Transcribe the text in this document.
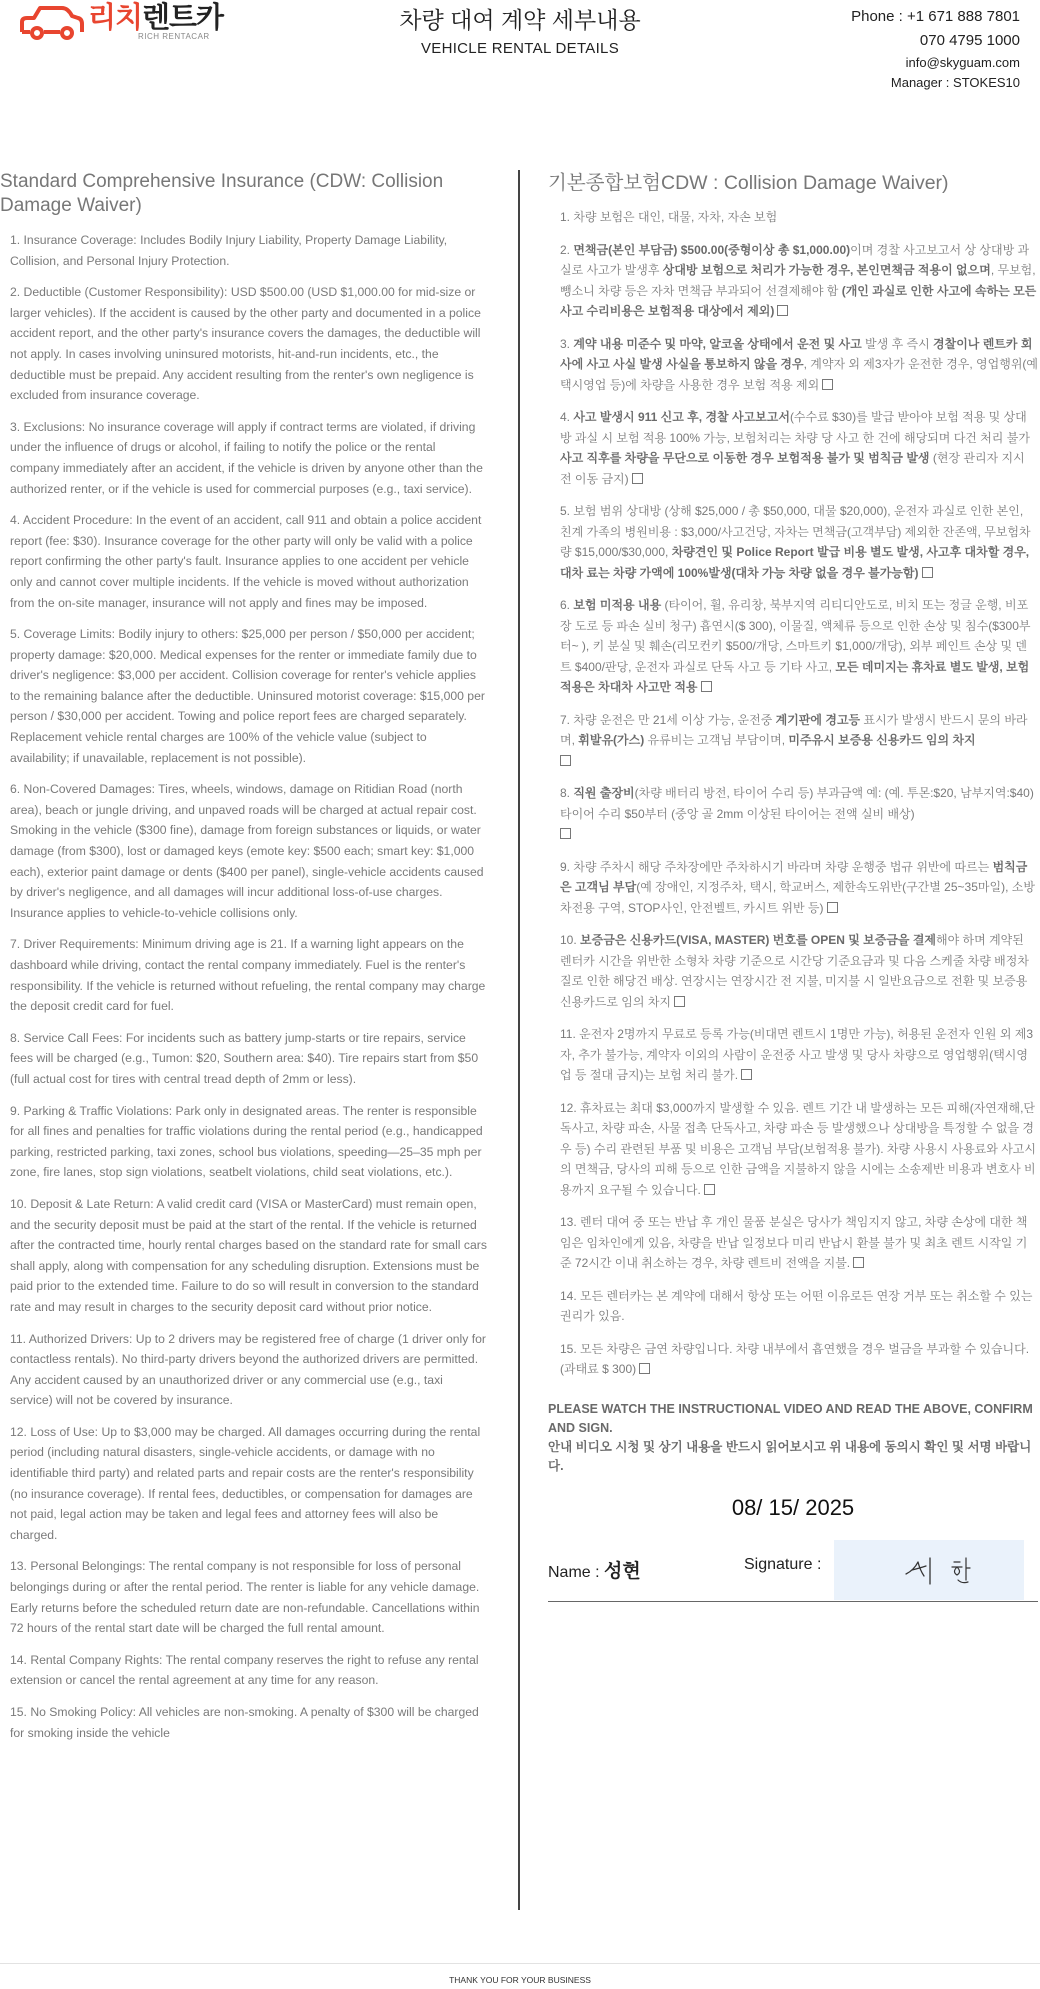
리치렌트카
RICH RENTACAR
차량 대여 계약 세부내용
VEHICLE RENTAL DETAILS
Phone : +1 671 888 7801
070 4795 1000
info@skyguam.com
Manager : STOKES10
Standard Comprehensive Insurance (CDW: Collision Damage Waiver)
1. Insurance Coverage: Includes Bodily Injury Liability, Property Damage Liability, Collision, and Personal Injury Protection.
2. Deductible (Customer Responsibility): USD $500.00 (USD $1,000.00 for mid-size or larger vehicles). If the accident is caused by the other party and documented in a police accident report, and the other party's insurance covers the damages, the deductible will not apply. In cases involving uninsured motorists, hit-and-run incidents, etc., the deductible must be prepaid. Any accident resulting from the renter's own negligence is excluded from insurance coverage.
3. Exclusions: No insurance coverage will apply if contract terms are violated, if driving under the influence of drugs or alcohol, if failing to notify the police or the rental company immediately after an accident, if the vehicle is driven by anyone other than the authorized renter, or if the vehicle is used for commercial purposes (e.g., taxi service).
4. Accident Procedure: In the event of an accident, call 911 and obtain a police accident report (fee: $30). Insurance coverage for the other party will only be valid with a police report confirming the other party's fault. Insurance applies to one accident per vehicle only and cannot cover multiple incidents. If the vehicle is moved without authorization from the on-site manager, insurance will not apply and fines may be imposed.
5. Coverage Limits: Bodily injury to others: $25,000 per person / $50,000 per accident; property damage: $20,000. Medical expenses for the renter or immediate family due to driver's negligence: $3,000 per accident. Collision coverage for renter's vehicle applies to the remaining balance after the deductible. Uninsured motorist coverage: $15,000 per person / $30,000 per accident. Towing and police report fees are charged separately. Replacement vehicle rental charges are 100% of the vehicle value (subject to availability; if unavailable, replacement is not possible).
6. Non-Covered Damages: Tires, wheels, windows, damage on Ritidian Road (north area), beach or jungle driving, and unpaved roads will be charged at actual repair cost. Smoking in the vehicle ($300 fine), damage from foreign substances or liquids, or water damage (from $300), lost or damaged keys (emote key: $500 each; smart key: $1,000 each), exterior paint damage or dents ($400 per panel), single-vehicle accidents caused by driver's negligence, and all damages will incur additional loss-of-use charges. Insurance applies to vehicle-to-vehicle collisions only.
7. Driver Requirements: Minimum driving age is 21. If a warning light appears on the dashboard while driving, contact the rental company immediately. Fuel is the renter's responsibility. If the vehicle is returned without refueling, the rental company may charge the deposit credit card for fuel.
8. Service Call Fees: For incidents such as battery jump-starts or tire repairs, service fees will be charged (e.g., Tumon: $20, Southern area: $40). Tire repairs start from $50 (full actual cost for tires with central tread depth of 2mm or less).
9. Parking & Traffic Violations: Park only in designated areas. The renter is responsible for all fines and penalties for traffic violations during the rental period (e.g., handicapped parking, restricted parking, taxi zones, school bus violations, speeding—25–35 mph per zone, fire lanes, stop sign violations, seatbelt violations, child seat violations, etc.).
10. Deposit & Late Return: A valid credit card (VISA or MasterCard) must remain open, and the security deposit must be paid at the start of the rental. If the vehicle is returned after the contracted time, hourly rental charges based on the standard rate for small cars shall apply, along with compensation for any scheduling disruption. Extensions must be paid prior to the extended time. Failure to do so will result in conversion to the standard rate and may result in charges to the security deposit card without prior notice.
11. Authorized Drivers: Up to 2 drivers may be registered free of charge (1 driver only for contactless rentals). No third-party drivers beyond the authorized drivers are permitted. Any accident caused by an unauthorized driver or any commercial use (e.g., taxi service) will not be covered by insurance.
12. Loss of Use: Up to $3,000 may be charged. All damages occurring during the rental period (including natural disasters, single-vehicle accidents, or damage with no identifiable third party) and related parts and repair costs are the renter's responsibility (no insurance coverage). If rental fees, deductibles, or compensation for damages are not paid, legal action may be taken and legal fees and attorney fees will also be charged.
13. Personal Belongings: The rental company is not responsible for loss of personal belongings during or after the rental period. The renter is liable for any vehicle damage. Early returns before the scheduled return date are non-refundable. Cancellations within 72 hours of the rental start date will be charged the full rental amount.
14. Rental Company Rights: The rental company reserves the right to refuse any rental extension or cancel the rental agreement at any time for any reason.
15. No Smoking Policy: All vehicles are non-smoking. A penalty of $300 will be charged for smoking inside the vehicle
기본종합보험CDW : Collision Damage Waiver)
1. 차량 보험은 대인, 대물, 자차, 자손 보험
2. 면책금(본인 부담금) $500.00(중형이상 총 $1,000.00)이며 경찰 사고보고서 상 상대방 과실로 사고가 발생후 상대방 보험으로 처리가 가능한 경우, 본인면책금 적용이 없으며, 무보험, 뺑소니 차량 등은 자차 면책금 부과되어 선결제해야 함 (개인 과실로 인한 사고에 속하는 모든 사고 수리비용은 보험적용 대상에서 제외)
3. 계약 내용 미준수 및 마약, 알코올 상태에서 운전 및 사고 발생 후 즉시 경찰이나 렌트카 회사에 사고 사실 발생 사실을 통보하지 않을 경우, 계약자 외 제3자가 운전한 경우, 영업행위(예 택시영업 등)에 차량을 사용한 경우 보험 적용 제외
4. 사고 발생시 911 신고 후, 경찰 사고보고서(수수료 $30)를 발급 받아야 보험 적용 및 상대방 과실 시 보험 적용 100% 가능, 보험처리는 차량 당 사고 한 건에 해당되며 다건 처리 불가 사고 직후를 차량을 무단으로 이동한 경우 보험적용 불가 및 범칙금 발생 (현장 관리자 지시 전 이동 금지)
5. 보험 범위 상대방 (상해 $25,000 / 총 $50,000, 대물 $20,000), 운전자 과실로 인한 본인, 친계 가족의 병원비용 : $3,000/사고건당, 자차는 면책금(고객부담) 제외한 잔존액, 무보험차량 $15,000/$30,000, 차량견인 및 Police Report 발급 비용 별도 발생, 사고후 대차할 경우, 대차 료는 차량 가액에 100%발생(대차 가능 차량 없을 경우 불가능함)
6. 보험 미적용 내용 (타이어, 휠, 유리창, 북부지역 리티디안도로, 비치 또는 정글 운행, 비포장 도로 등 파손 실비 청구) 흡연시($ 300), 이물질, 액체류 등으로 인한 손상 및 침수($300부터~ ), 키 분실 및 훼손(리모컨키 $500/개당, 스마트키 $1,000/개당), 외부 페인트 손상 및 덴트 $400/판당, 운전자 과실로 단독 사고 등 기타 사고, 모든 데미지는 휴차료 별도 발생, 보험적용은 차대차 사고만 적용
7. 차량 운전은 만 21세 이상 가능, 운전중 계기판에 경고등 표시가 발생시 반드시 문의 바라며, 휘발유(가스) 유류비는 고객님 부담이며, 미주유시 보증용 신용카드 임의 차지

8. 직원 출장비(차량 배터리 방전, 타이어 수리 등) 부과금액 예: (예. 투몬:$20, 남부지역:$40) 타이어 수리 $50부터 (중앙 골 2mm 이상된 타이어는 전액 실비 배상)

9. 차량 주차시 해당 주차장에만 주차하시기 바라며 차량 운행중 법규 위반에 따르는 범칙금은 고객님 부담(예 장애인, 지정주차, 택시, 학교버스, 제한속도위반(구간별 25~35마일), 소방차전용 구역, STOP사인, 안전벨트, 카시트 위반 등)
10. 보증금은 신용카드(VISA, MASTER) 번호를 OPEN 및 보증금을 결제해야 하며 계약된 렌터카 시간을 위반한 소형차 차량 기준으로 시간당 기준요금과 및 다음 스케줄 차량 배정차질로 인한 해당건 배상. 연장시는 연장시간 전 지불, 미지불 시 일반요금으로 전환 및 보증용 신용카드로 임의 차지
11. 운전자 2명까지 무료로 등록 가능(비대면 렌트시 1명만 가능), 허용된 운전자 인원 외 제3자, 추가 불가능, 계약자 이외의 사람이 운전중 사고 발생 및 당사 차량으로 영업행위(택시영업 등 절대 금지)는 보험 처리 불가.
12. 휴차료는 최대 $3,000까지 발생할 수 있음. 렌트 기간 내 발생하는 모든 피해(자연재해,단독사고, 차량 파손, 사물 접촉 단독사고, 차량 파손 등 발생했으나 상대방을 특정할 수 없을 경우 등) 수리 관련된 부품 및 비용은 고객님 부담(보험적용 불가). 차량 사용시 사용료와 사고시의 면책금, 당사의 피해 등으로 인한 금액을 지불하지 않을 시에는 소송제반 비용과 변호사 비용까지 요구될 수 있습니다.
13. 렌터 대여 중 또는 반납 후 개인 물품 분실은 당사가 책임지지 않고, 차량 손상에 대한 책임은 임차인에게 있음, 차량을 반납 일정보다 미리 반납시 환불 불가 및 최초 렌트 시작일 기준 72시간 이내 취소하는 경우, 차량 렌트비 전액을 지불.
14. 모든 렌터카는 본 계약에 대해서 항상 또는 어떤 이유로든 연장 거부 또는 취소할 수 있는 권리가 있음.
15. 모든 차량은 금연 차량입니다. 차량 내부에서 흡연했을 경우 벌금을 부과할 수 있습니다. (과태료 $ 300)
PLEASE WATCH THE INSTRUCTIONAL VIDEO AND READ THE ABOVE, CONFIRM AND SIGN.
안내 비디오 시청 및 상기 내용을 반드시 읽어보시고 위 내용에 동의시 확인 및 서명 바랍니다.
08/ 15/ 2025
Name : 성현	Signature :
THANK YOU FOR YOUR BUSINESS
